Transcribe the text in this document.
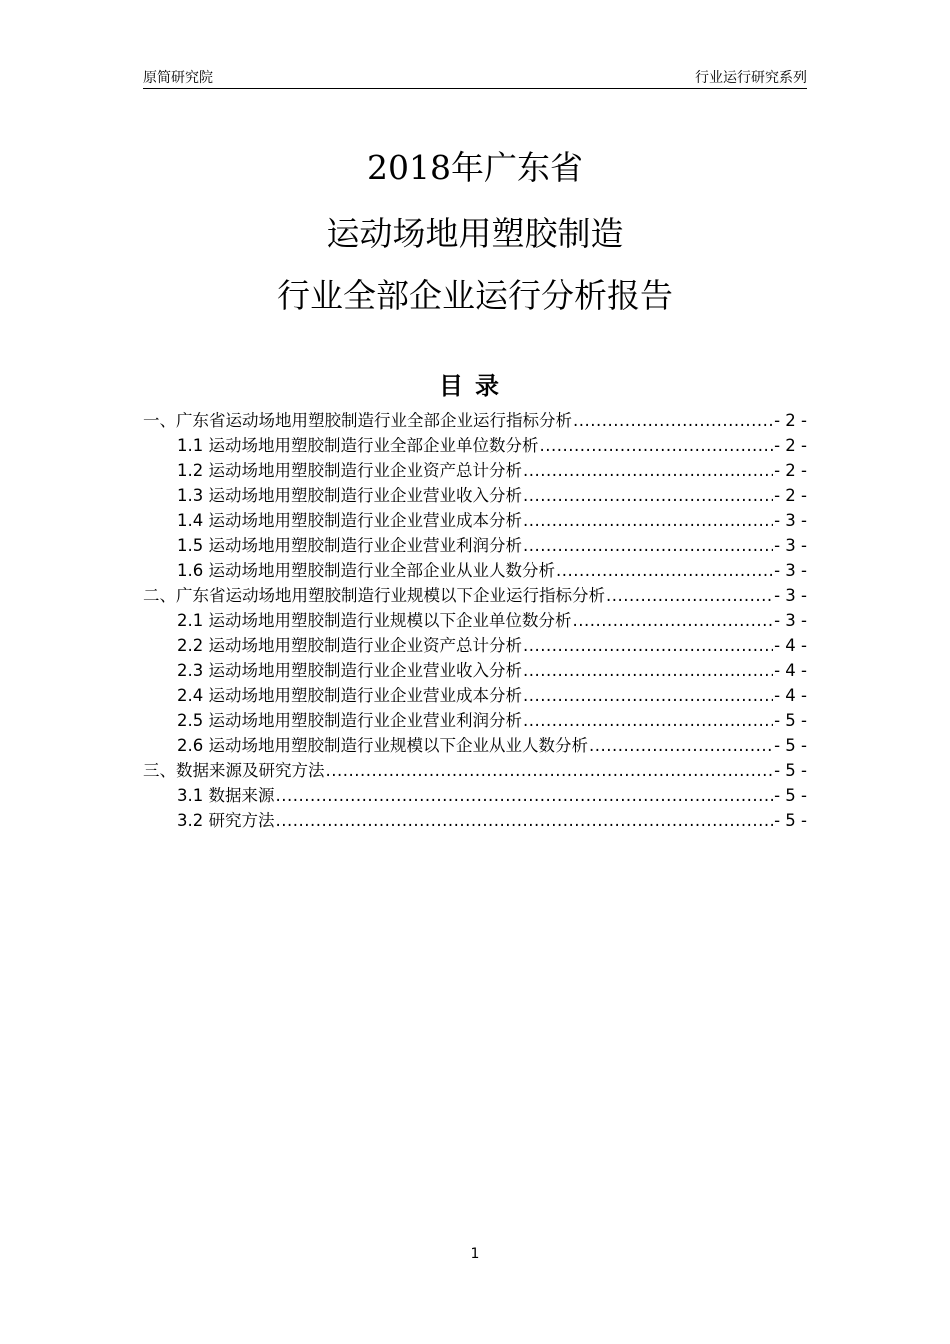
原简研究院	行业运行研究系列
2018年广东省
运动场地用塑胶制造
行业全部企业运行分析报告
目录
一、广东省运动场地用塑胶制造行业全部企业运行指标分析 .....	- 2 -
1.1 运动场地用塑胶制造行业全部企业单位数分析 .....	- 2 -
1.2 运动场地用塑胶制造行业企业资产总计分析 .....	- 2 -
1.3 运动场地用塑胶制造行业企业营业收入分析 .....	- 2 -
1.4 运动场地用塑胶制造行业企业营业成本分析 .....	- 3 -
1.5 运动场地用塑胶制造行业企业营业利润分析 .....	- 3 -
1.6 运动场地用塑胶制造行业全部企业从业人数分析 .....	- 3 -
二、广东省运动场地用塑胶制造行业规模以下企业运行指标分析 .....	- 3 -
2.1 运动场地用塑胶制造行业规模以下企业单位数分析 .....	- 3 -
2.2 运动场地用塑胶制造行业企业资产总计分析 .....	- 4 -
2.3 运动场地用塑胶制造行业企业营业收入分析 .....	- 4 -
2.4 运动场地用塑胶制造行业企业营业成本分析 .....	- 4 -
2.5 运动场地用塑胶制造行业企业营业利润分析 .....	- 5 -
2.6 运动场地用塑胶制造行业规模以下企业从业人数分析 .....	- 5 -
三、数据来源及研究方法 .....	- 5 -
3.1 数据来源 .....	- 5 -
3.2 研究方法 .....	- 5 -
1
